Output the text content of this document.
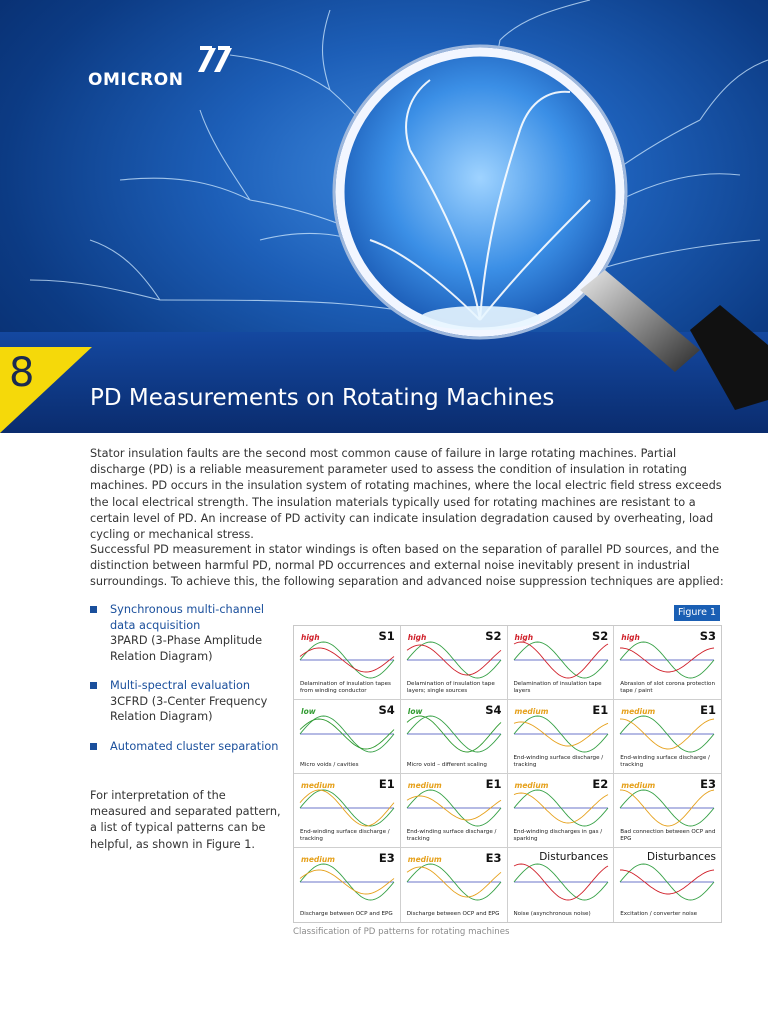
OMICRON
8
PD Measurements on Rotating Machines

Stator insulation faults are the second most common cause of failure in large rotating machines. Partial discharge (PD) is a reliable measurement parameter used to assess the condition of insulation in rotating machines. PD occurs in the insulation system of rotating machines, where the local electric field stress exceeds the local electrical strength. The insulation materials typically used for rotating machines are resistant to a certain level of PD. An increase of PD activity can indicate insulation degradation caused by overheating, load cycling or mechanical stress.

Successful PD measurement in stator windings is often based on the separation of parallel PD sources, and the distinction between harmful PD, normal PD occurrences and external noise inevitably present in industrial surroundings. To achieve this, the following separation and advanced noise suppression techniques are applied:

Synchronous multi-channel data acquisition
3PARD (3-Phase Amplitude Relation Diagram)
Multi-spectral evaluation
3CFRD (3-Center Frequency Relation Diagram)
Automated cluster separation

For interpretation of the measured and separated pattern, a list of typical patterns can be helpful, as shown in Figure 1.

Figure 1
S1
high
Delamination of insulation tapes from winding conductor
S2
high
Delamination of insulation tape layers; single sources
S2
high
Delamination of insulation tape layers
S3
high
Abrasion of slot corona protection tape / paint
S4
low
Micro voids / cavities
S4
low
Micro void – different scaling
E1
medium
End-winding surface discharge / tracking
E1
medium
End-winding surface discharge / tracking
E1
medium
End-winding surface discharge / tracking
E1
medium
End-winding surface discharge / tracking
E2
medium
End-winding discharges in gas / sparking
E3
medium
Bad connection between OCP and EPG
E3
medium
Discharge between OCP and EPG
E3
medium
Discharge between OCP and EPG
Disturbances
Noise (asynchronous noise)
Disturbances
Excitation / converter noise
Classification of PD patterns for rotating machines
